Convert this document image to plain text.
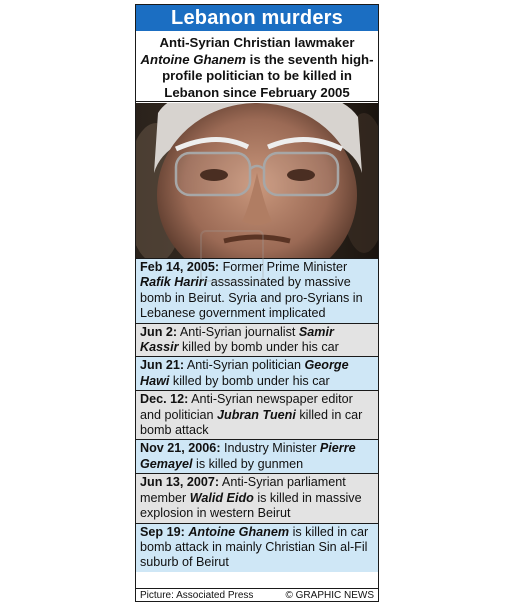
Lebanon murders
Anti-Syrian Christian lawmaker
Antoine Ghanem is the seventh high-profile politician to be killed in Lebanon since February 2005
Feb 14, 2005: Former Prime Minister Rafik Hariri assassinated by massive bomb in Beirut. Syria and pro-Syrians in Lebanese government implicated
Jun 2: Anti-Syrian journalist Samir Kassir killed by bomb under his car
Jun 21: Anti-Syrian politician George Hawi killed by bomb under his car
Dec. 12: Anti-Syrian newspaper editor and politician Jubran Tueni killed in car bomb attack
Nov 21, 2006: Industry Minister Pierre Gemayel is killed by gunmen
Jun 13, 2007: Anti-Syrian parliament member Walid Eido is killed in massive explosion in western Beirut
Sep 19: Antoine Ghanem is killed in car bomb attack in mainly Christian Sin al-Fil suburb of Beirut
Picture: Associated Press	© GRAPHIC NEWS
